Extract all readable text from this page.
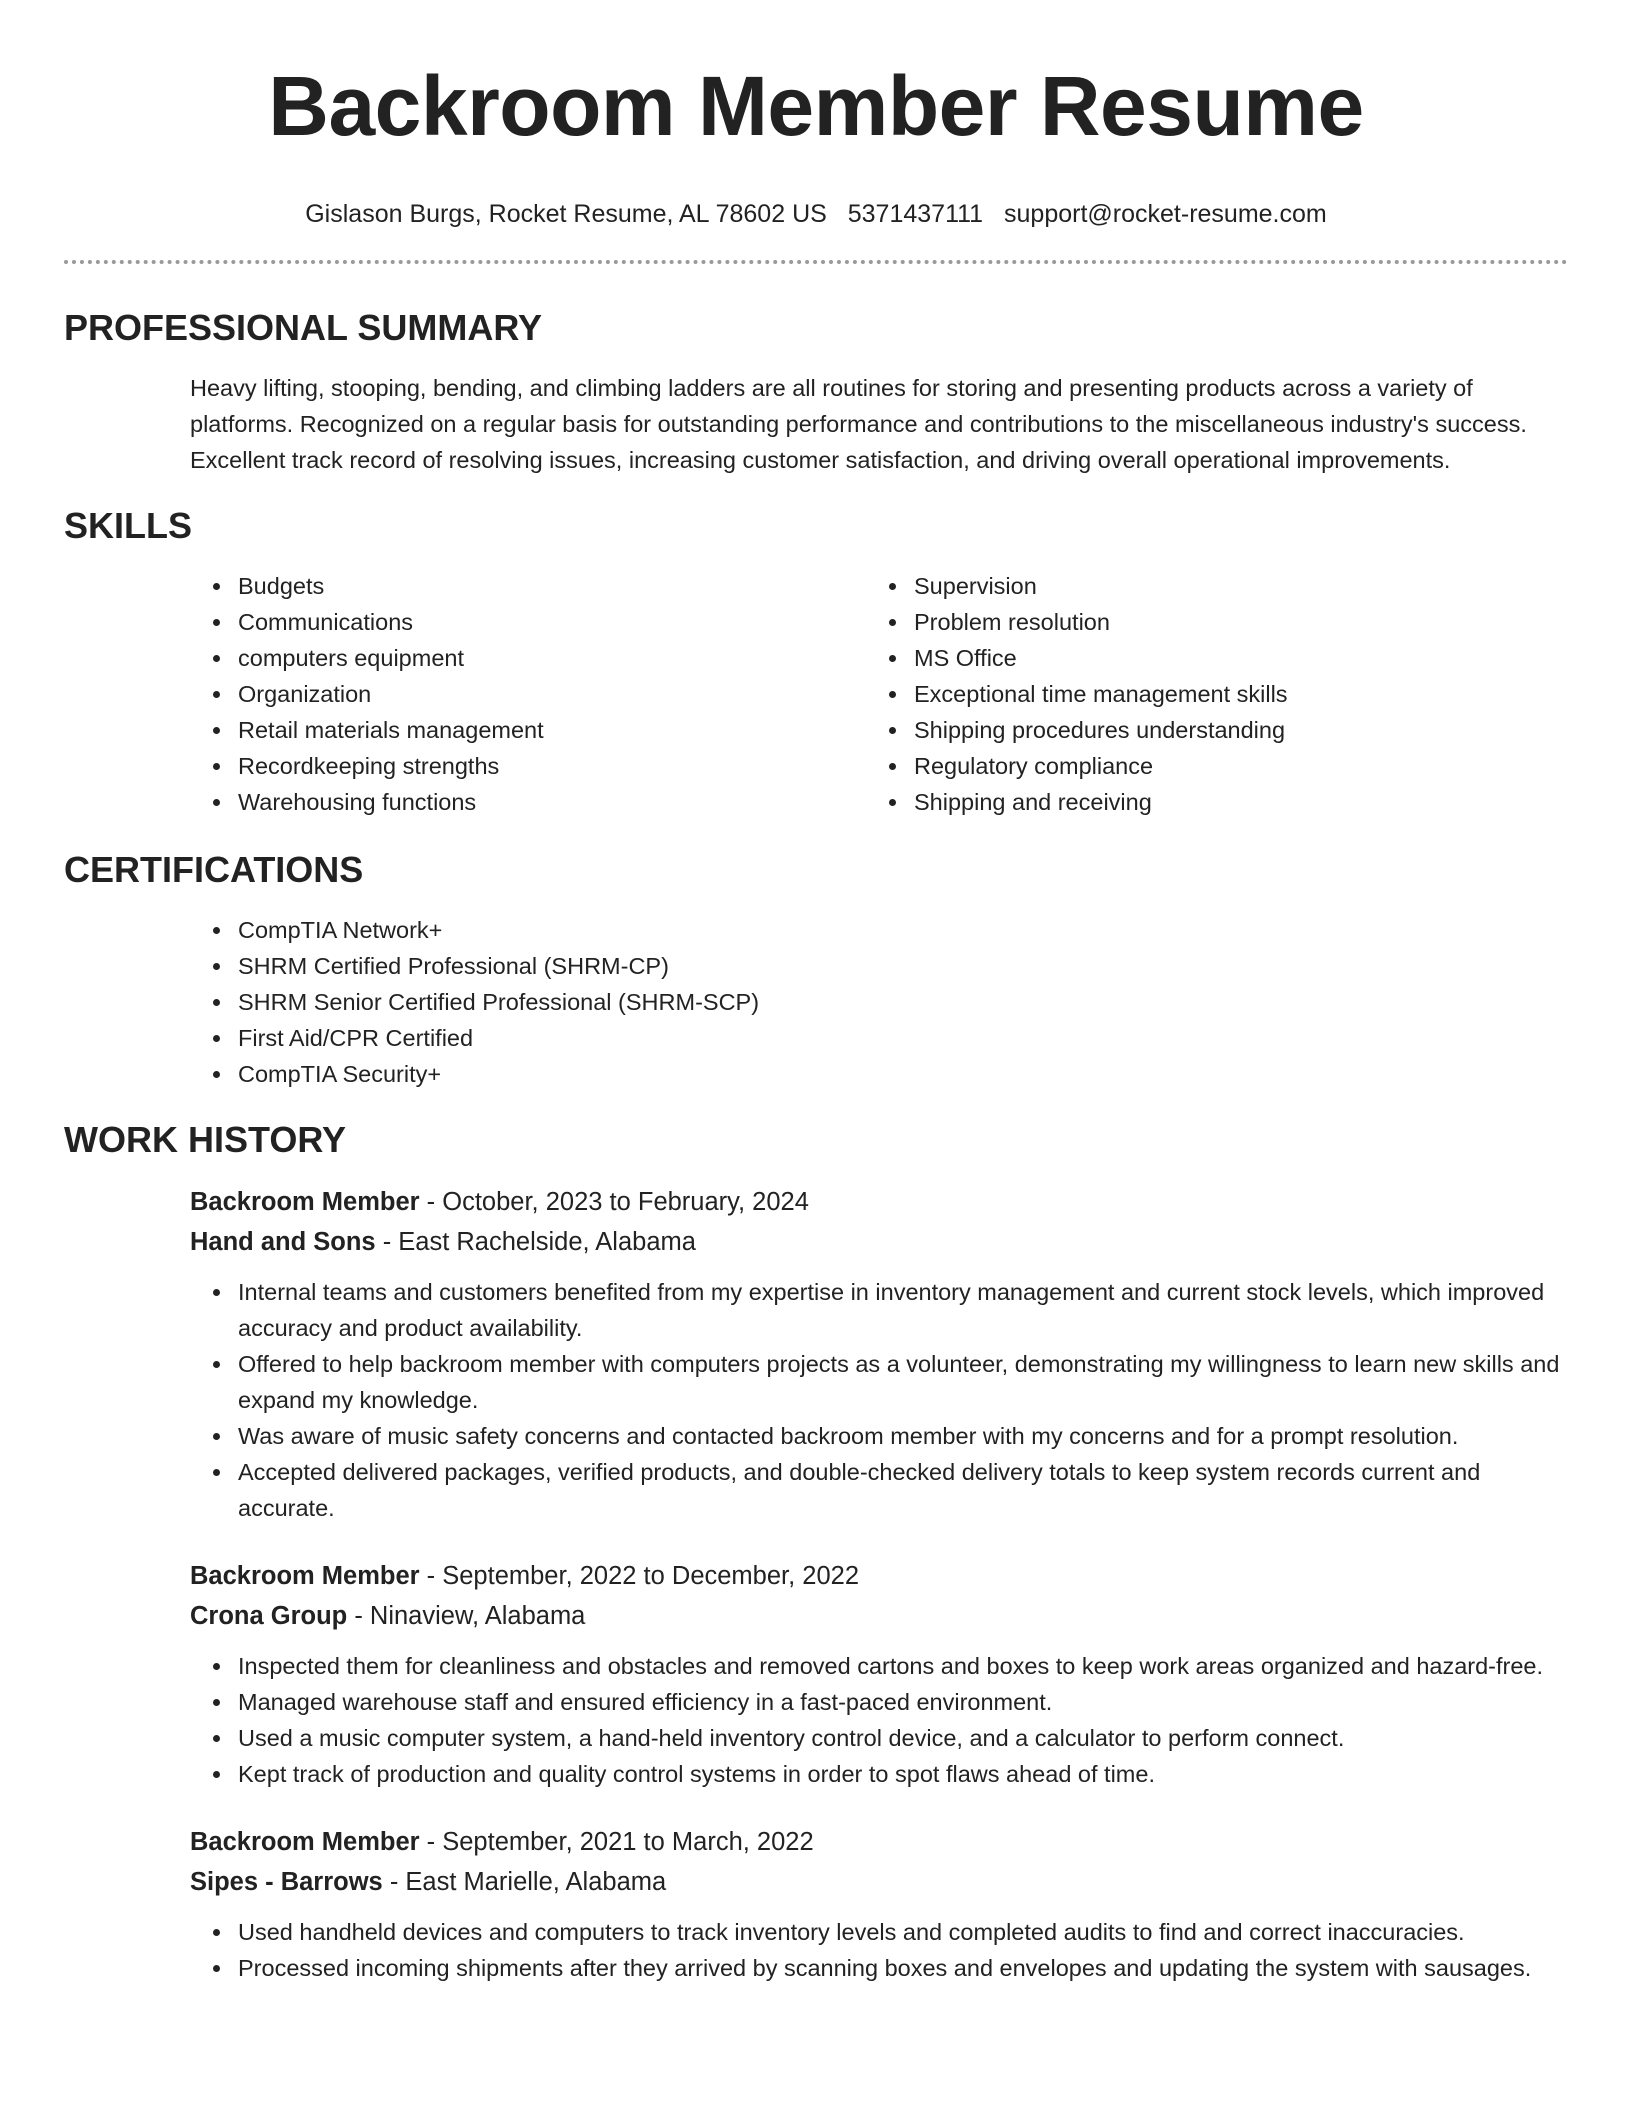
Backroom Member Resume
Gislason Burgs, Rocket Resume, AL 78602 US 5371437111 support@rocket-resume.com
PROFESSIONAL SUMMARY
Heavy lifting, stooping, bending, and climbing ladders are all routines for storing and presenting products across a variety of platforms. Recognized on a regular basis for outstanding performance and contributions to the miscellaneous industry's success. Excellent track record of resolving issues, increasing customer satisfaction, and driving overall operational improvements.
SKILLS
• Budgets
• Communications
• computers equipment
• Organization
• Retail materials management
• Recordkeeping strengths
• Warehousing functions
• Supervision
• Problem resolution
• MS Office
• Exceptional time management skills
• Shipping procedures understanding
• Regulatory compliance
• Shipping and receiving
CERTIFICATIONS
• CompTIA Network+
• SHRM Certified Professional (SHRM-CP)
• SHRM Senior Certified Professional (SHRM-SCP)
• First Aid/CPR Certified
• CompTIA Security+
WORK HISTORY
Backroom Member - October, 2023 to February, 2024
Hand and Sons - East Rachelside, Alabama
• Internal teams and customers benefited from my expertise in inventory management and current stock levels, which improved accuracy and product availability.
• Offered to help backroom member with computers projects as a volunteer, demonstrating my willingness to learn new skills and expand my knowledge.
• Was aware of music safety concerns and contacted backroom member with my concerns and for a prompt resolution.
• Accepted delivered packages, verified products, and double-checked delivery totals to keep system records current and accurate.
Backroom Member - September, 2022 to December, 2022
Crona Group - Ninaview, Alabama
• Inspected them for cleanliness and obstacles and removed cartons and boxes to keep work areas organized and hazard-free.
• Managed warehouse staff and ensured efficiency in a fast-paced environment.
• Used a music computer system, a hand-held inventory control device, and a calculator to perform connect.
• Kept track of production and quality control systems in order to spot flaws ahead of time.
Backroom Member - September, 2021 to March, 2022
Sipes - Barrows - East Marielle, Alabama
• Used handheld devices and computers to track inventory levels and completed audits to find and correct inaccuracies.
• Processed incoming shipments after they arrived by scanning boxes and envelopes and updating the system with sausages.
